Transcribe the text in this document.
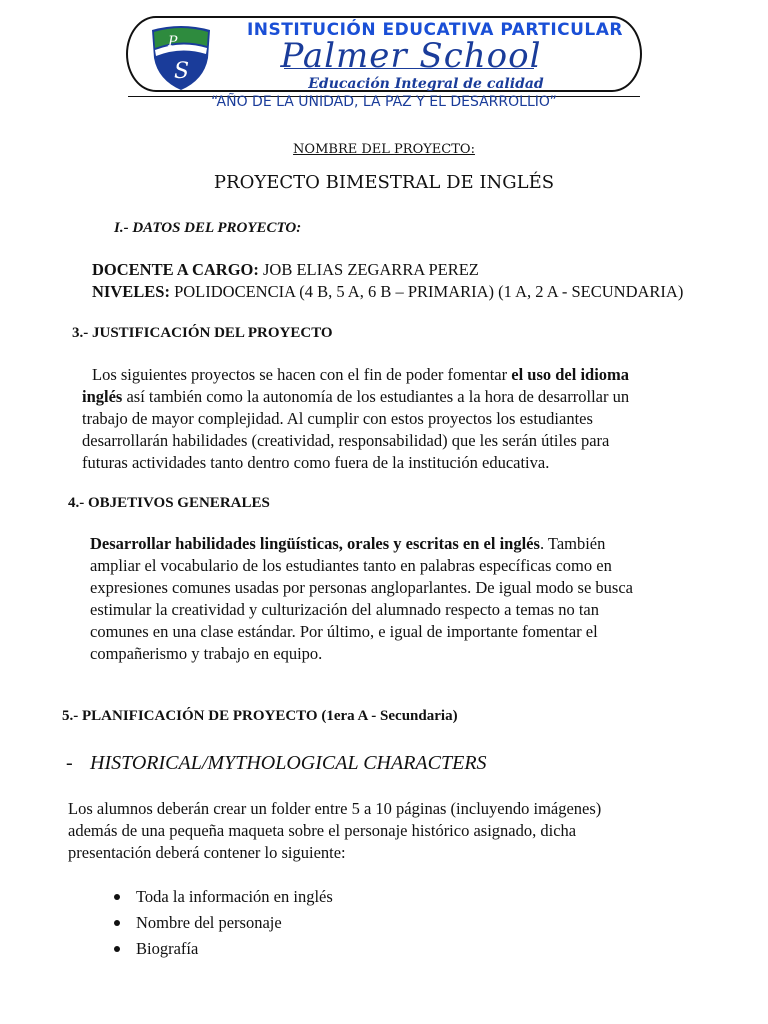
P
S
INSTITUCIÓN EDUCATIVA PARTICULAR
Palmer School
Educación Integral de calidad
“AÑO DE LA UNIDAD, LA PAZ Y EL DESARROLLIO”
NOMBRE DEL PROYECTO:
PROYECTO BIMESTRAL DE INGLÉS
I.- DATOS DEL PROYECTO:
DOCENTE A CARGO: JOB ELIAS ZEGARRA PEREZ
NIVELES: POLIDOCENCIA (4 B, 5 A, 6 B – PRIMARIA) (1 A, 2 A - SECUNDARIA)
3.- JUSTIFICACIÓN DEL PROYECTO
Los siguientes proyectos se hacen con el fin de poder fomentar el uso del idioma
inglés así también como la autonomía de los estudiantes a la hora de desarrollar un
trabajo de mayor complejidad. Al cumplir con estos proyectos los estudiantes
desarrollarán habilidades (creatividad, responsabilidad) que les serán útiles para
futuras actividades tanto dentro como fuera de la institución educativa.
4.- OBJETIVOS GENERALES
Desarrollar habilidades lingüísticas, orales y escritas en el inglés. También
ampliar el vocabulario de los estudiantes tanto en palabras específicas como en
expresiones comunes usadas por personas angloparlantes. De igual modo se busca
estimular la creatividad y culturización del alumnado respecto a temas no tan
comunes en una clase estándar. Por último, e igual de importante fomentar el
compañerismo y trabajo en equipo.
5.- PLANIFICACIÓN DE PROYECTO (1era A - Secundaria)
- HISTORICAL/MYTHOLOGICAL CHARACTERS
Los alumnos deberán crear un folder entre 5 a 10 páginas (incluyendo imágenes)
además de una pequeña maqueta sobre el personaje histórico asignado, dicha
presentación deberá contener lo siguiente:
Toda la información en inglés
Nombre del personaje
Biografía
